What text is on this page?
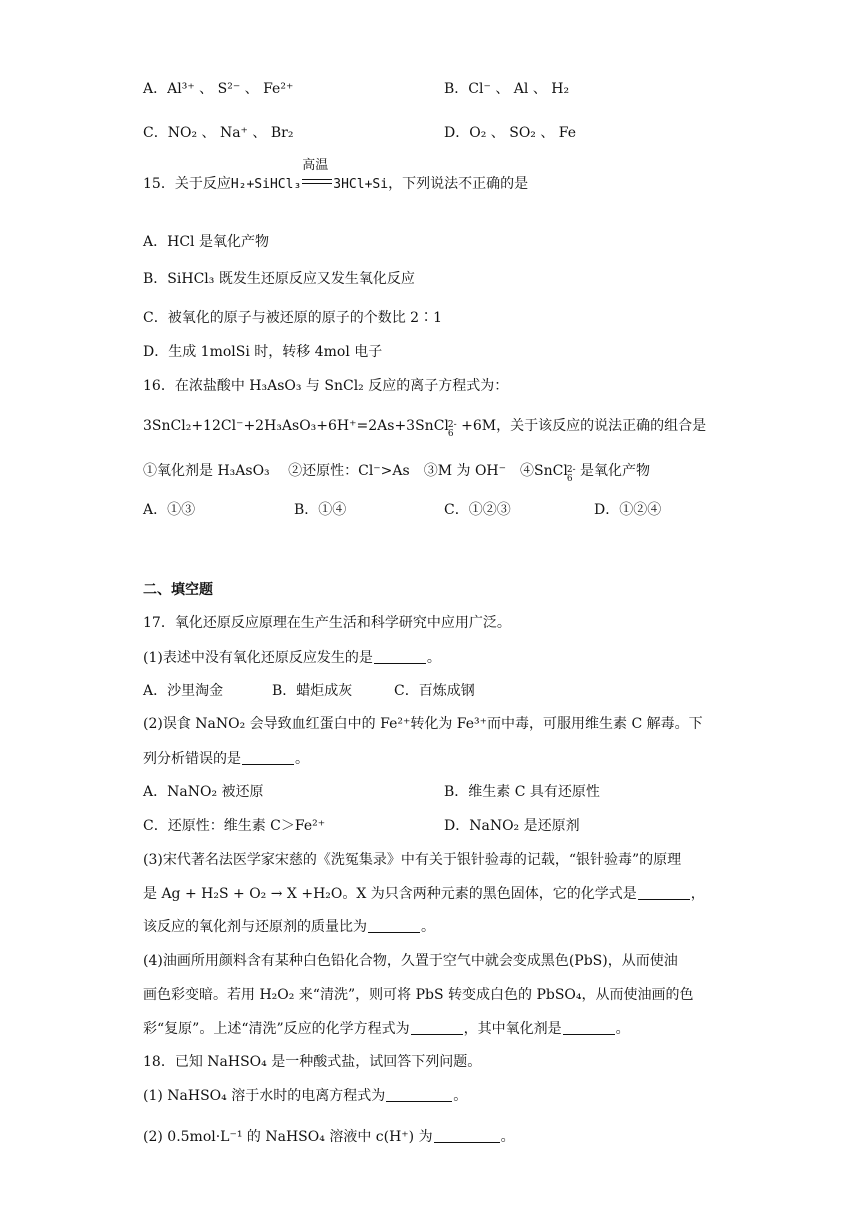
A．Al³⁺ 、 S²⁻ 、 Fe²⁺	B．Cl⁻ 、 Al 、 H₂
C．NO₂ 、 Na⁺ 、 Br₂	D．O₂ 、 SO₂ 、 Fe
15．关于反应H₂+SiHCl₃
高温
3HCl+Si，下列说法不正确的是
A．HCl 是氧化产物
B．SiHCl₃ 既发生还原反应又发生氧化反应
C．被氧化的原子与被还原的原子的个数比 2∶1
D．生成 1molSi 时，转移 4mol 电子
16．在浓盐酸中 H₃AsO₃ 与 SnCl₂ 反应的离子方程式为：
3SnCl₂+12Cl⁻+2H₃AsO₃+6H⁺=2As+3SnCl 2-
6 +6M，关于该反应的说法正确的组合是
①氧化剂是 H₃AsO₃　 ②还原性：Cl⁻>As　③M 为 OH⁻　④SnCl 2-
6 是氧化产物
A．①③	B．①④	C．①②③	D．①②④
二、填空题
17．氧化还原反应原理在生产生活和科学研究中应用广泛。
(1)表述中没有氧化还原反应发生的是	。
A．沙里淘金	B．蜡炬成灰	C．百炼成钢
(2)误食 NaNO₂ 会导致血红蛋白中的 Fe²⁺转化为 Fe³⁺而中毒，可服用维生素 C 解毒。下
列分析错误的是	。
A．NaNO₂ 被还原	B．维生素 C 具有还原性
C．还原性：维生素 C＞Fe²⁺	D．NaNO₂ 是还原剂
(3)宋代著名法医学家宋慈的《洗冤集录》中有关于银针验毒的记载，“银针验毒”的原理
是 Ag + H₂S + O₂ → X +H₂O。X 为只含两种元素的黑色固体，它的化学式是	，
该反应的氧化剂与还原剂的质量比为	。
(4)油画所用颜料含有某种白色铅化合物，久置于空气中就会变成黑色(PbS)，从而使油
画色彩变暗。若用 H₂O₂ 来“清洗”，则可将 PbS 转变成白色的 PbSO₄，从而使油画的色
彩“复原”。上述“清洗”反应的化学方程式为	，其中氧化剂是	。
18．已知 NaHSO₄ 是一种酸式盐，试回答下列问题。
(1) NaHSO₄ 溶于水时的电离方程式为	。
(2) 0.5mol·L⁻¹ 的 NaHSO₄ 溶液中 c(H⁺) 为	。
